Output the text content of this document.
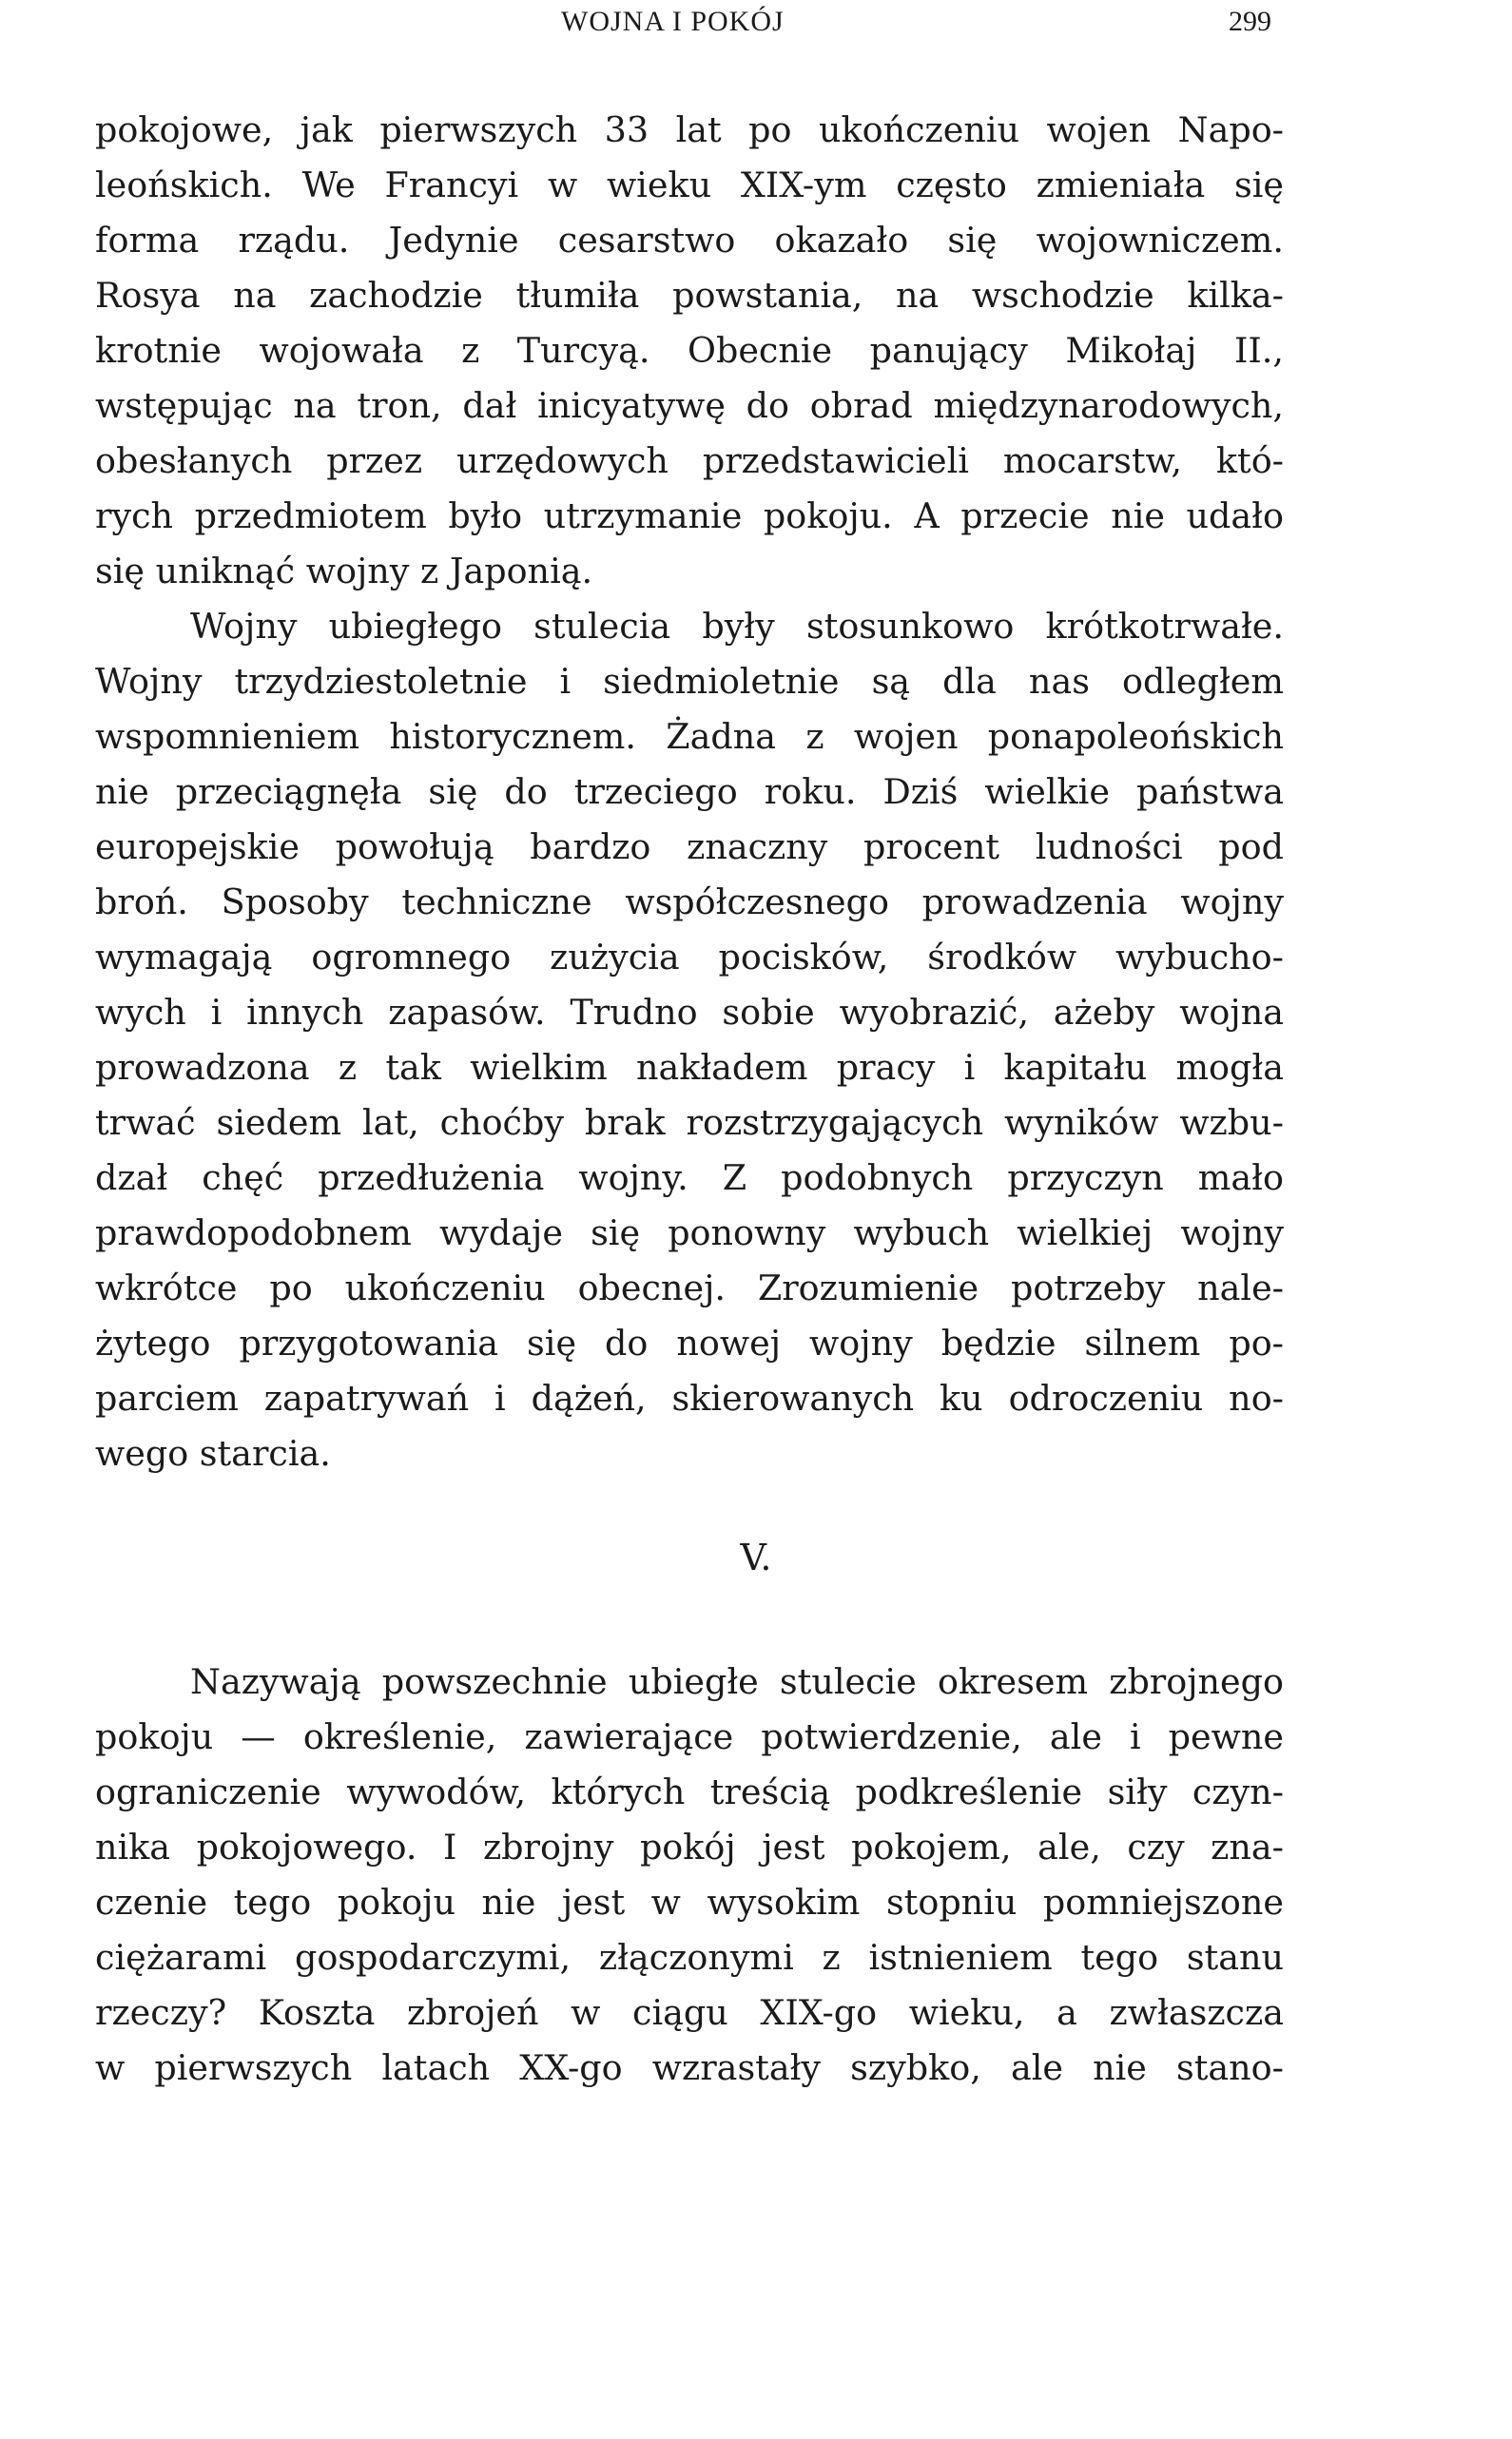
WOJNA I POKÓJ	299
pokojowe, jak pierwszych 33 lat po ukończeniu wojen Napo-
leońskich. We Francyi w wieku XIX-ym często zmieniała się
forma rządu. Jedynie cesarstwo okazało się wojowniczem.
Rosya na zachodzie tłumiła powstania, na wschodzie kilka-
krotnie wojowała z Turcyą. Obecnie panujący Mikołaj II.,
wstępując na tron, dał inicyatywę do obrad międzynarodowych,
obesłanych przez urzędowych przedstawicieli mocarstw, któ-
rych przedmiotem było utrzymanie pokoju. A przecie nie udało
się uniknąć wojny z Japonią.
Wojny ubiegłego stulecia były stosunkowo krótkotrwałe.
Wojny trzydziestoletnie i siedmioletnie są dla nas odległem
wspomnieniem historycznem. Żadna z wojen ponapoleońskich
nie przeciągnęła się do trzeciego roku. Dziś wielkie państwa
europejskie powołują bardzo znaczny procent ludności pod
broń. Sposoby techniczne współczesnego prowadzenia wojny
wymagają ogromnego zużycia pocisków, środków wybucho-
wych i innych zapasów. Trudno sobie wyobrazić, ażeby wojna
prowadzona z tak wielkim nakładem pracy i kapitału mogła
trwać siedem lat, choćby brak rozstrzygających wyników wzbu-
dzał chęć przedłużenia wojny. Z podobnych przyczyn mało
prawdopodobnem wydaje się ponowny wybuch wielkiej wojny
wkrótce po ukończeniu obecnej. Zrozumienie potrzeby nale-
żytego przygotowania się do nowej wojny będzie silnem po-
parciem zapatrywań i dążeń, skierowanych ku odroczeniu no-
wego starcia.
V.
Nazywają powszechnie ubiegłe stulecie okresem zbrojnego
pokoju — określenie, zawierające potwierdzenie, ale i pewne
ograniczenie wywodów, których treścią podkreślenie siły czyn-
nika pokojowego. I zbrojny pokój jest pokojem, ale, czy zna-
czenie tego pokoju nie jest w wysokim stopniu pomniejszone
ciężarami gospodarczymi, złączonymi z istnieniem tego stanu
rzeczy? Koszta zbrojeń w ciągu XIX-go wieku, a zwłaszcza
w pierwszych latach XX-go wzrastały szybko, ale nie stano-
